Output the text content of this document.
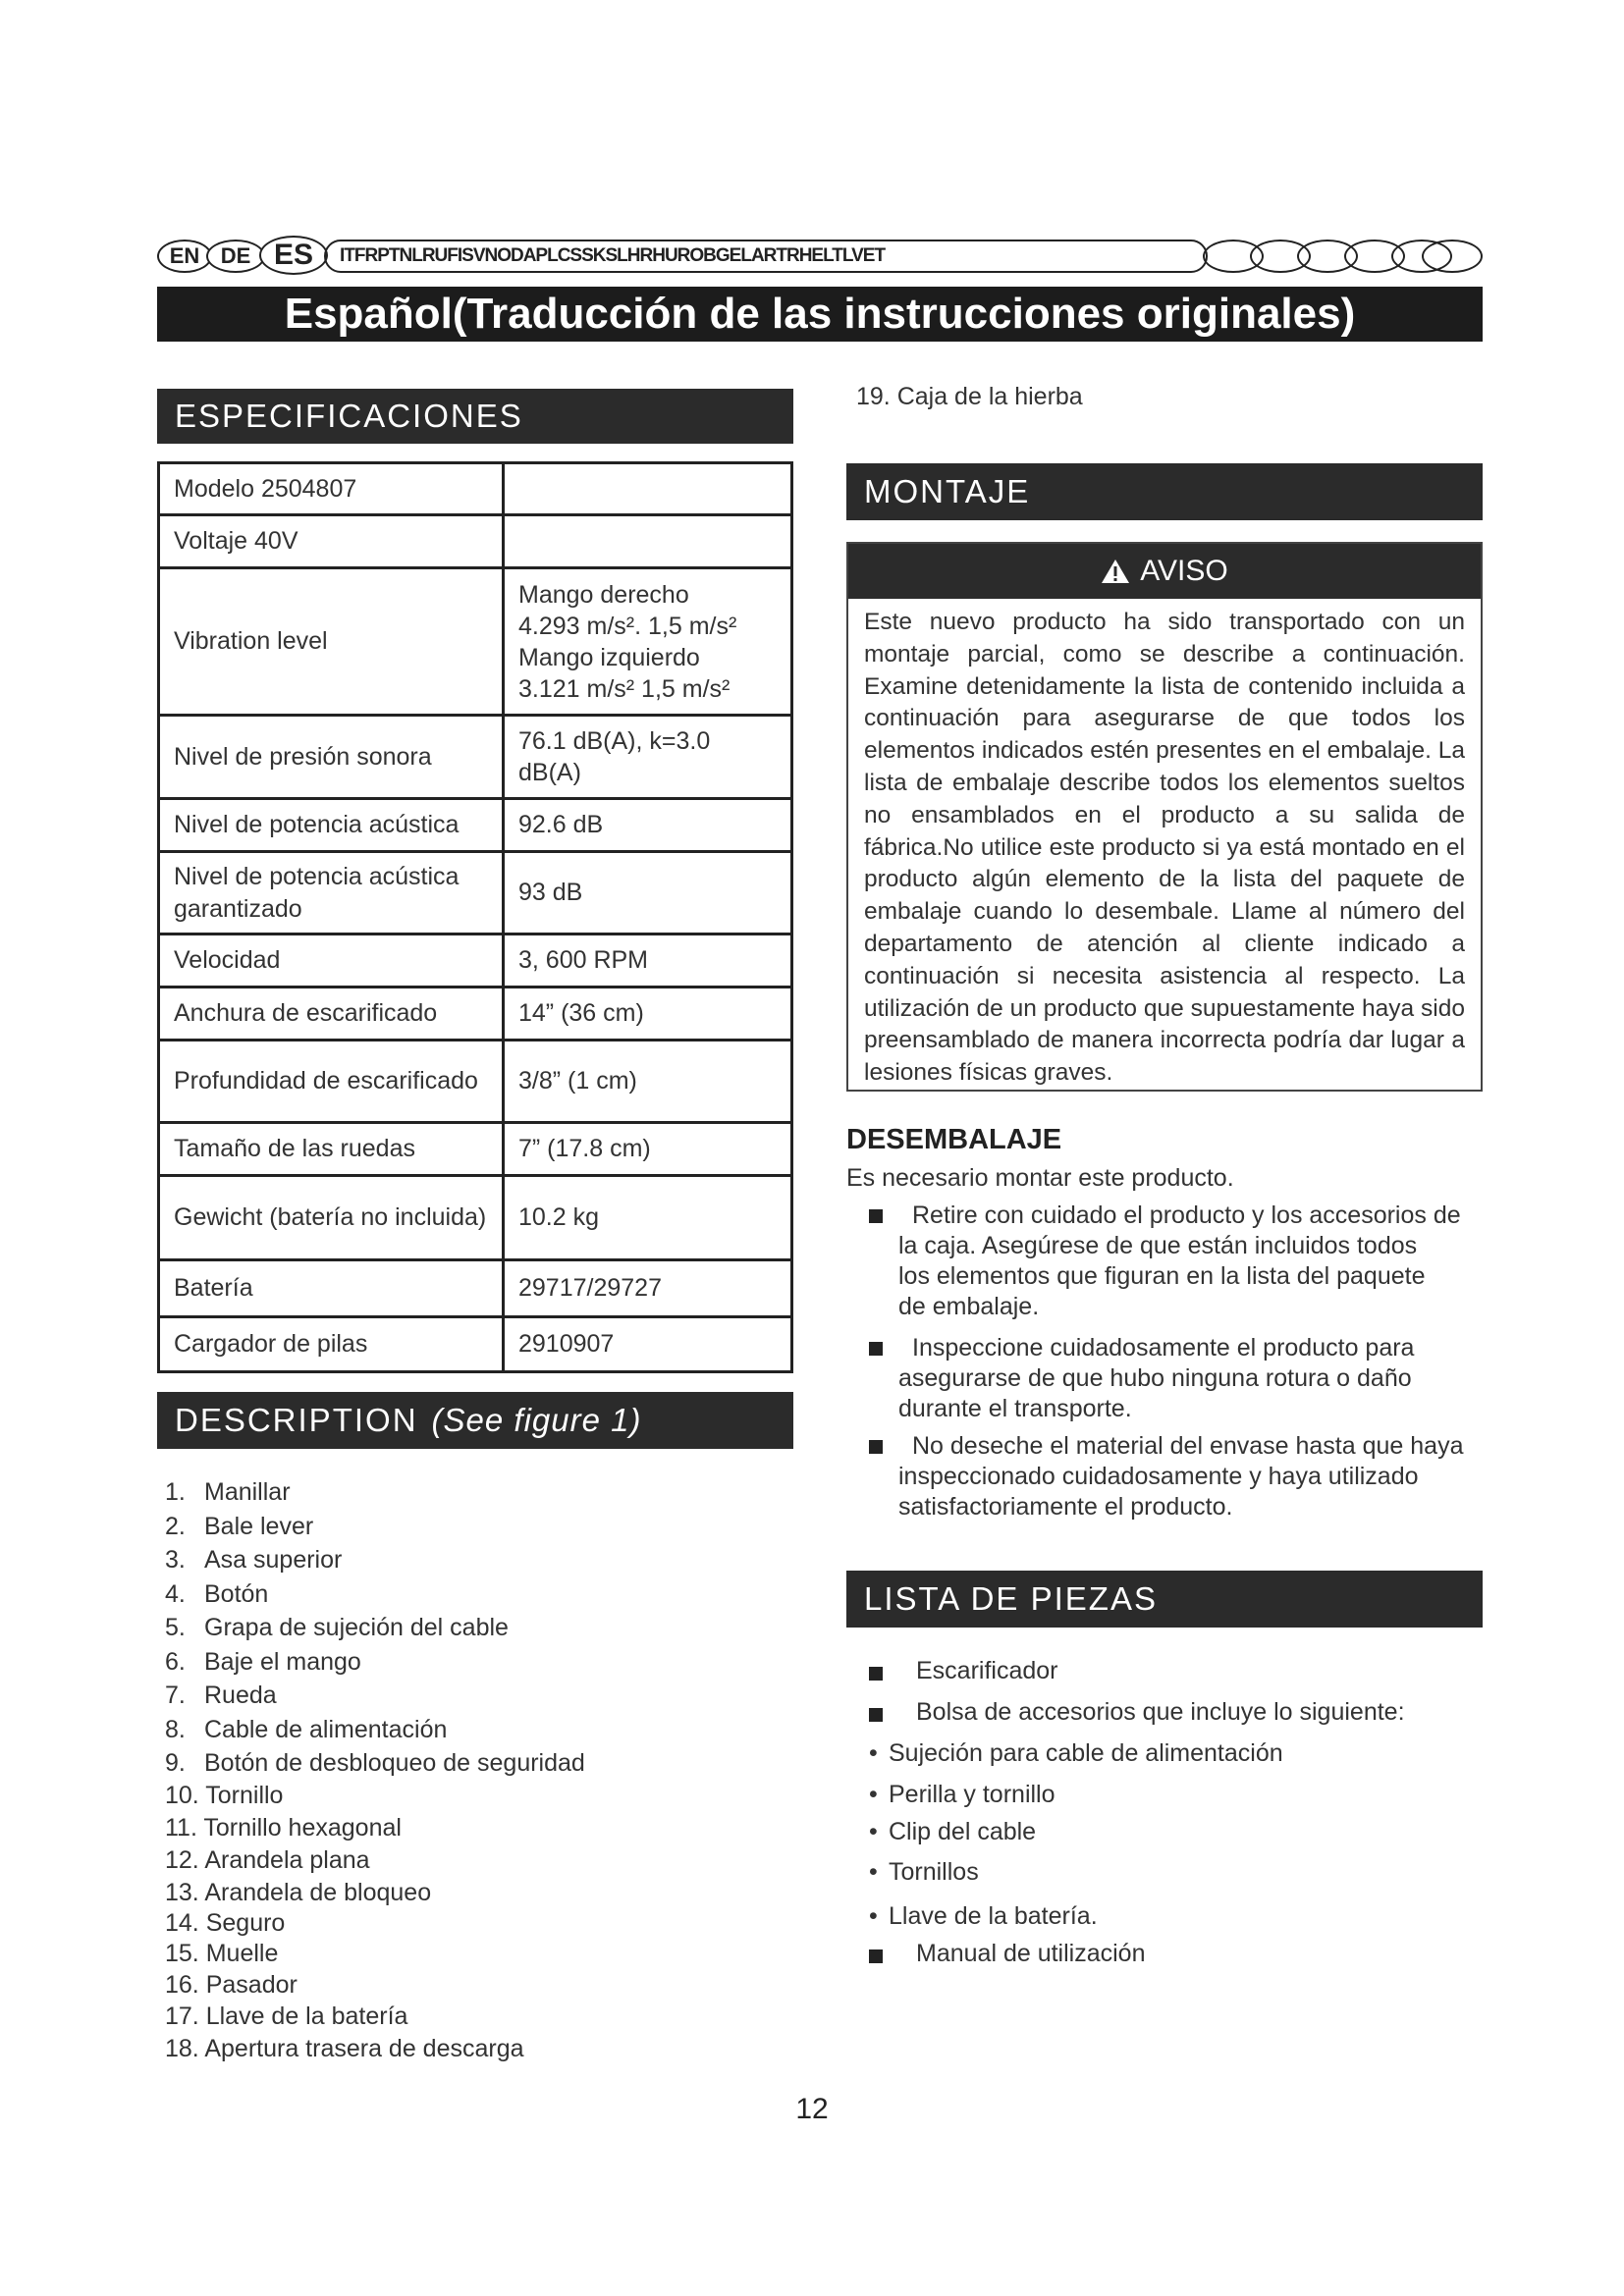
EN DE ES	ITFRPTNLRUFISVNODAPLCSSKSLHRHUROBGELARTRHELTLVET
Español(Traducción de las instrucciones originales)
ESPECIFICACIONES
Modelo 2504807	
Voltaje 40V	
Vibration level	Mango derecho
4.293 m/s². 1,5 m/s²
Mango izquierdo
3.121 m/s² 1,5 m/s²

Nivel de presión sonora	76.1 dB(A), k=3.0 dB(A)
Nivel de potencia acústica	92.6 dB
Nivel de potencia acústica garantizado	93 dB
Velocidad	3, 600 RPM
Anchura de escarificado	14” (36 cm)
Profundidad de escarificado	3/8” (1 cm)
Tamaño de las ruedas	7” (17.8 cm)
Gewicht (batería no incluida)	10.2 kg
Batería	29717/29727
Cargador de pilas	2910907
DESCRIPTION (See figure 1)
1. Manillar
2. Bale lever
3. Asa superior
4. Botón
5. Grapa de sujeción del cable
6. Baje el mango
7. Rueda
8. Cable de alimentación
9. Botón de desbloqueo de seguridad
10. Tornillo
11. Tornillo hexagonal
12. Arandela plana
13. Arandela de bloqueo
14. Seguro
15. Muelle
16. Pasador
17. Llave de la batería
18. Apertura trasera de descarga
19. Caja de la hierba
MONTAJE
AVISO
Este nuevo producto ha sido transportado con un montaje parcial, como se describe a continuación. Examine detenidamente la lista de contenido incluida a continuación para asegurarse de que todos los elementos indicados estén presentes en el embalaje. La lista de embalaje describe todos los elementos sueltos no ensamblados en el producto a su salida de fábrica.No utilice este producto si ya está montado en el producto algún elemento de la lista del paquete de embalaje cuando lo desembale. Llame al número del departamento de atención al cliente indicado a continuación si necesita asistencia al respecto. La utilización de un producto que supuestamente haya sido preensamblado de manera incorrecta podría dar lugar a lesiones físicas graves.
DESEMBALAJE
Es necesario montar este producto.
Retire con cuidado el producto y los accesorios de
la caja. Asegúrese de que están incluidos todos
los elementos que figuran en la lista del paquete
de embalaje.
Inspeccione cuidadosamente el producto para
asegurarse de que hubo ninguna rotura o daño
durante el transporte.
No deseche el material del envase hasta que haya
inspeccionado cuidadosamente y haya utilizado
satisfactoriamente el producto.
LISTA DE PIEZAS
Escarificador
Bolsa de accesorios que incluye lo siguiente:
• Sujeción para cable de alimentación
• Perilla y tornillo
• Clip del cable
• Tornillos
• Llave de la batería.
Manual de utilización
12
